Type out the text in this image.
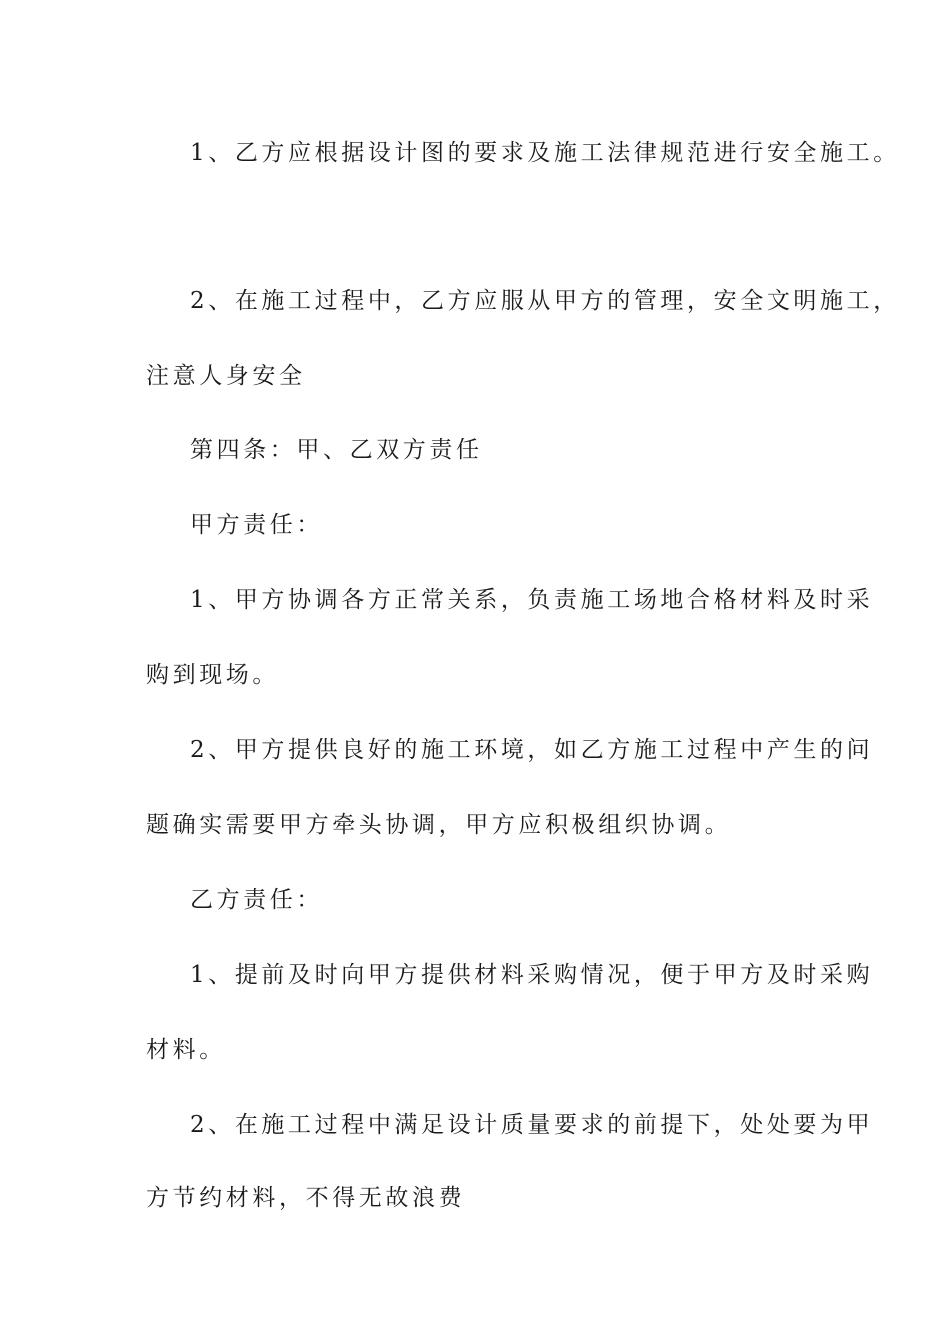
1、乙方应根据设计图的要求及施工法律规范进行安全施工。
2、在施工过程中，乙方应服从甲方的管理，安全文明施工，
注意人身安全
第四条：甲、乙双方责任
甲方责任：
1、甲方协调各方正常关系，负责施工场地合格材料及时采
购到现场。
2、甲方提供良好的施工环境，如乙方施工过程中产生的问
题确实需要甲方牵头协调，甲方应积极组织协调。
乙方责任：
1、提前及时向甲方提供材料采购情况，便于甲方及时采购
材料。
2、在施工过程中满足设计质量要求的前提下，处处要为甲
方节约材料，不得无故浪费
